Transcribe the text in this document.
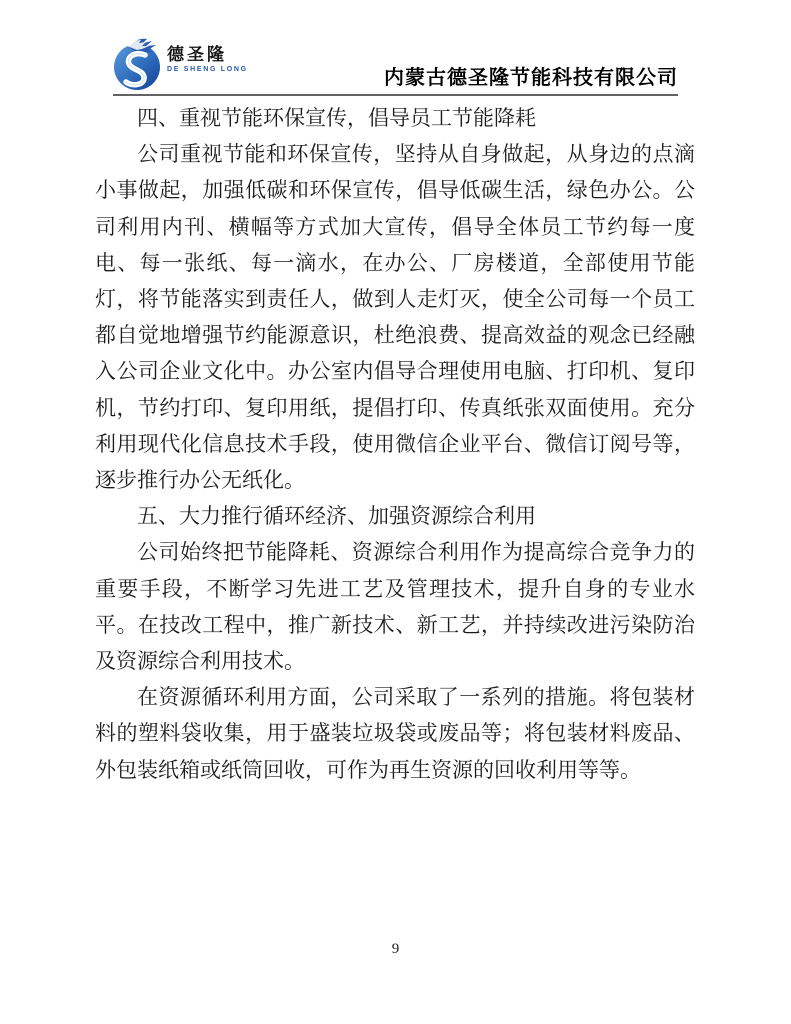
德圣隆
DE SHENG LONG	内蒙古德圣隆节能科技有限公司

四、重视节能环保宣传，倡导员工节能降耗

公司重视节能和环保宣传，坚持从自身做起，从身边的点滴小事做起，加强低碳和环保宣传，倡导低碳生活，绿色办公。公司利用内刊、横幅等方式加大宣传，倡导全体员工节约每一度电、每一张纸、每一滴水，在办公、厂房楼道，全部使用节能灯，将节能落实到责任人，做到人走灯灭，使全公司每一个员工都自觉地增强节约能源意识，杜绝浪费、提高效益的观念已经融入公司企业文化中。办公室内倡导合理使用电脑、打印机、复印机，节约打印、复印用纸，提倡打印、传真纸张双面使用。充分利用现代化信息技术手段，使用微信企业平台、微信订阅号等，逐步推行办公无纸化。

五、大力推行循环经济、加强资源综合利用

公司始终把节能降耗、资源综合利用作为提高综合竞争力的重要手段，不断学习先进工艺及管理技术，提升自身的专业水平。在技改工程中，推广新技术、新工艺，并持续改进污染防治及资源综合利用技术。

在资源循环利用方面，公司采取了一系列的措施。将包装材料的塑料袋收集，用于盛装垃圾袋或废品等；将包装材料废品、外包装纸箱或纸筒回收，可作为再生资源的回收利用等等。

9
